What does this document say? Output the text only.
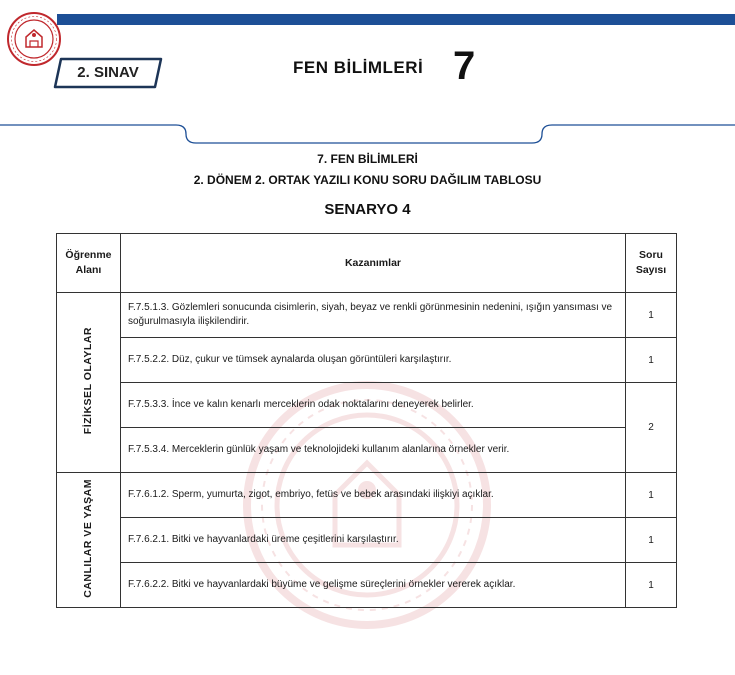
2. SINAV	FEN BİLİMLERİ 7
7. FEN BİLİMLERİ
2. DÖNEM 2. ORTAK YAZILI KONU SORU DAĞILIM TABLOSU
SENARYO 4
Öğrenme Alanı	Kazanımlar	Soru Sayısı
FİZİKSEL OLAYLAR	F.7.5.1.3. Gözlemleri sonucunda cisimlerin, siyah, beyaz ve renkli görünmesinin nedenini, ışığın yansıması ve soğurulmasıyla ilişkilendirir.	1
	F.7.5.2.2. Düz, çukur ve tümsek aynalarda oluşan görüntüleri karşılaştırır.	1
	F.7.5.3.3. İnce ve kalın kenarlı merceklerin odak noktalarını deneyerek belirler.	2
	F.7.5.3.4. Merceklerin günlük yaşam ve teknolojideki kullanım alanlarına örnekler verir.	
CANLILAR VE YAŞAM	F.7.6.1.2. Sperm, yumurta, zigot, embriyo, fetüs ve bebek arasındaki ilişkiyi açıklar.	1
	F.7.6.2.1. Bitki ve hayvanlardaki üreme çeşitlerini karşılaştırır.	1
	F.7.6.2.2. Bitki ve hayvanlardaki büyüme ve gelişme süreçlerini örnekler vererek açıklar.	1
